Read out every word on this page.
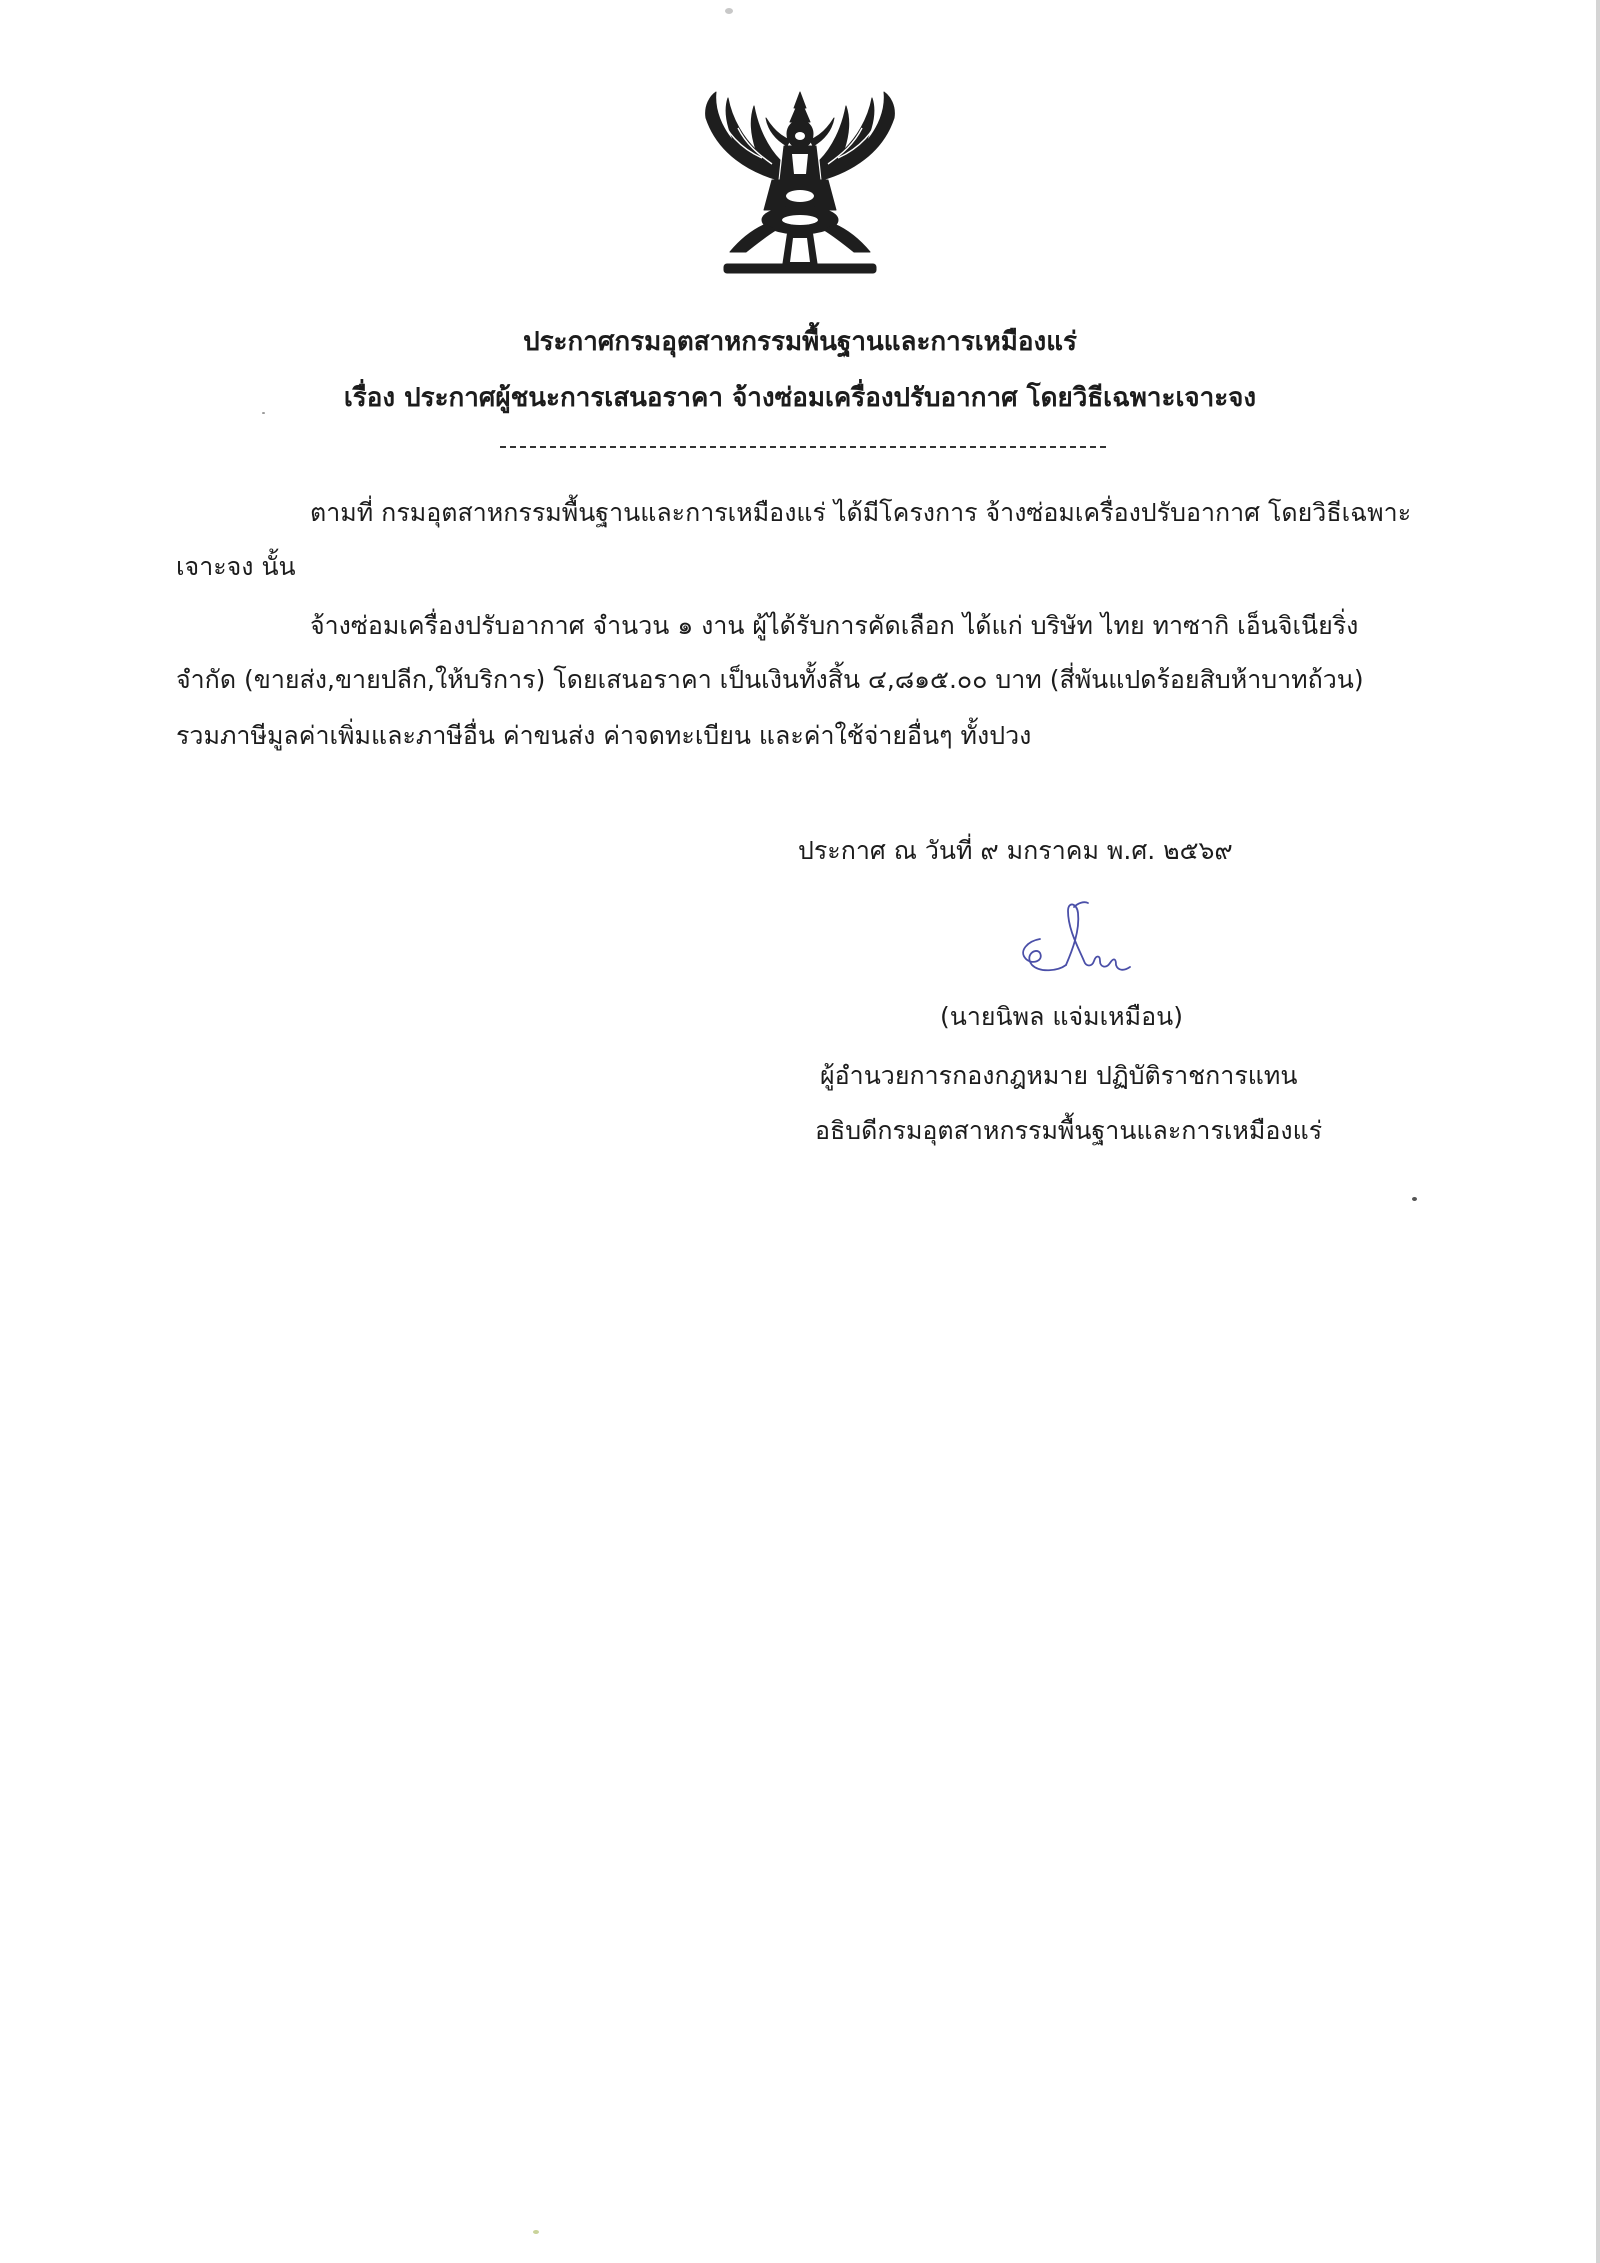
ประกาศกรมอุตสาหกรรมพื้นฐานและการเหมืองแร่
เรื่อง ประกาศผู้ชนะการเสนอราคา จ้างซ่อมเครื่องปรับอากาศ โดยวิธีเฉพาะเจาะจง
ตามที่ กรมอุตสาหกรรมพื้นฐานและการเหมืองแร่ ได้มีโครงการ จ้างซ่อมเครื่องปรับอากาศ โดยวิธีเฉพาะ
เจาะจง นั้น
จ้างซ่อมเครื่องปรับอากาศ จำนวน ๑ งาน ผู้ได้รับการคัดเลือก ได้แก่ บริษัท ไทย ทาซากิ เอ็นจิเนียริ่ง
จำกัด (ขายส่ง,ขายปลีก,ให้บริการ) โดยเสนอราคา เป็นเงินทั้งสิ้น ๔,๘๑๕.๐๐ บาท (สี่พันแปดร้อยสิบห้าบาทถ้วน)
รวมภาษีมูลค่าเพิ่มและภาษีอื่น ค่าขนส่ง ค่าจดทะเบียน และค่าใช้จ่ายอื่นๆ ทั้งปวง
ประกาศ ณ วันที่ ๙ มกราคม พ.ศ. ๒๕๖๙
(นายนิพล แจ่มเหมือน)
ผู้อำนวยการกองกฎหมาย ปฏิบัติราชการแทน
อธิบดีกรมอุตสาหกรรมพื้นฐานและการเหมืองแร่
